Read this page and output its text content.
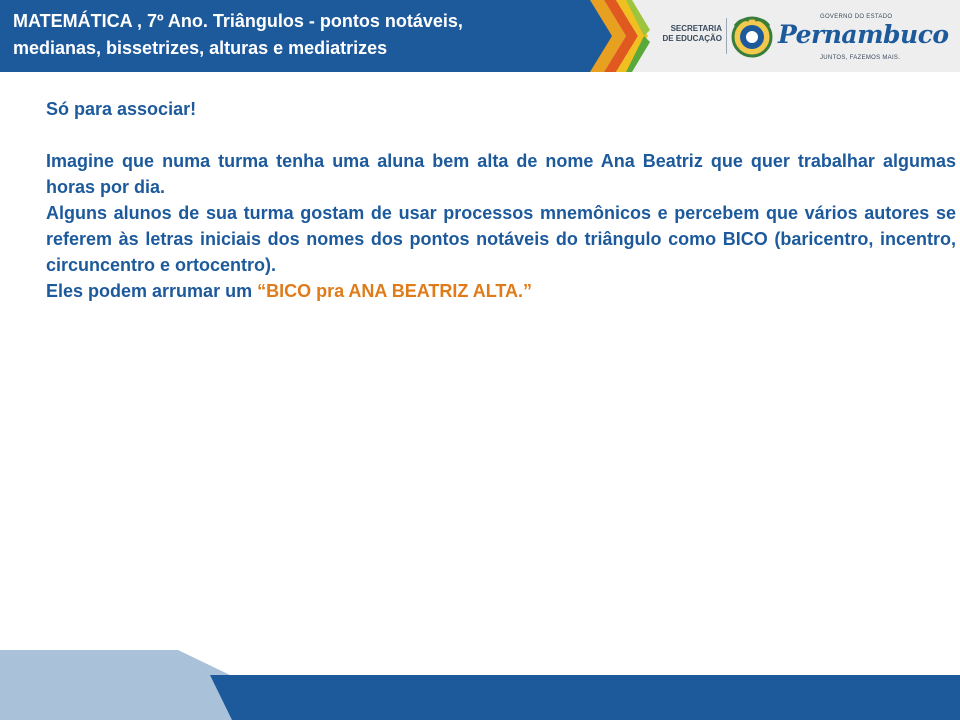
MATEMÁTICA , 7º Ano. Triângulos - pontos notáveis,
medianas, bissetrizes, alturas e mediatrizes
SECRETARIA
DE EDUCAÇÃO
GOVERNO DO ESTADO
Pernambuco
JUNTOS, FAZEMOS MAIS.

Só para associar!

Imagine que numa turma tenha uma aluna bem alta de nome Ana Beatriz que quer trabalhar algumas horas por dia.

Alguns alunos de sua turma gostam de usar processos mnemônicos e percebem que vários autores se referem às letras iniciais dos nomes dos pontos notáveis do triângulo como BICO (baricentro, incentro, circuncentro e ortocentro).

Eles podem arrumar um “BICO pra ANA BEATRIZ ALTA.”
